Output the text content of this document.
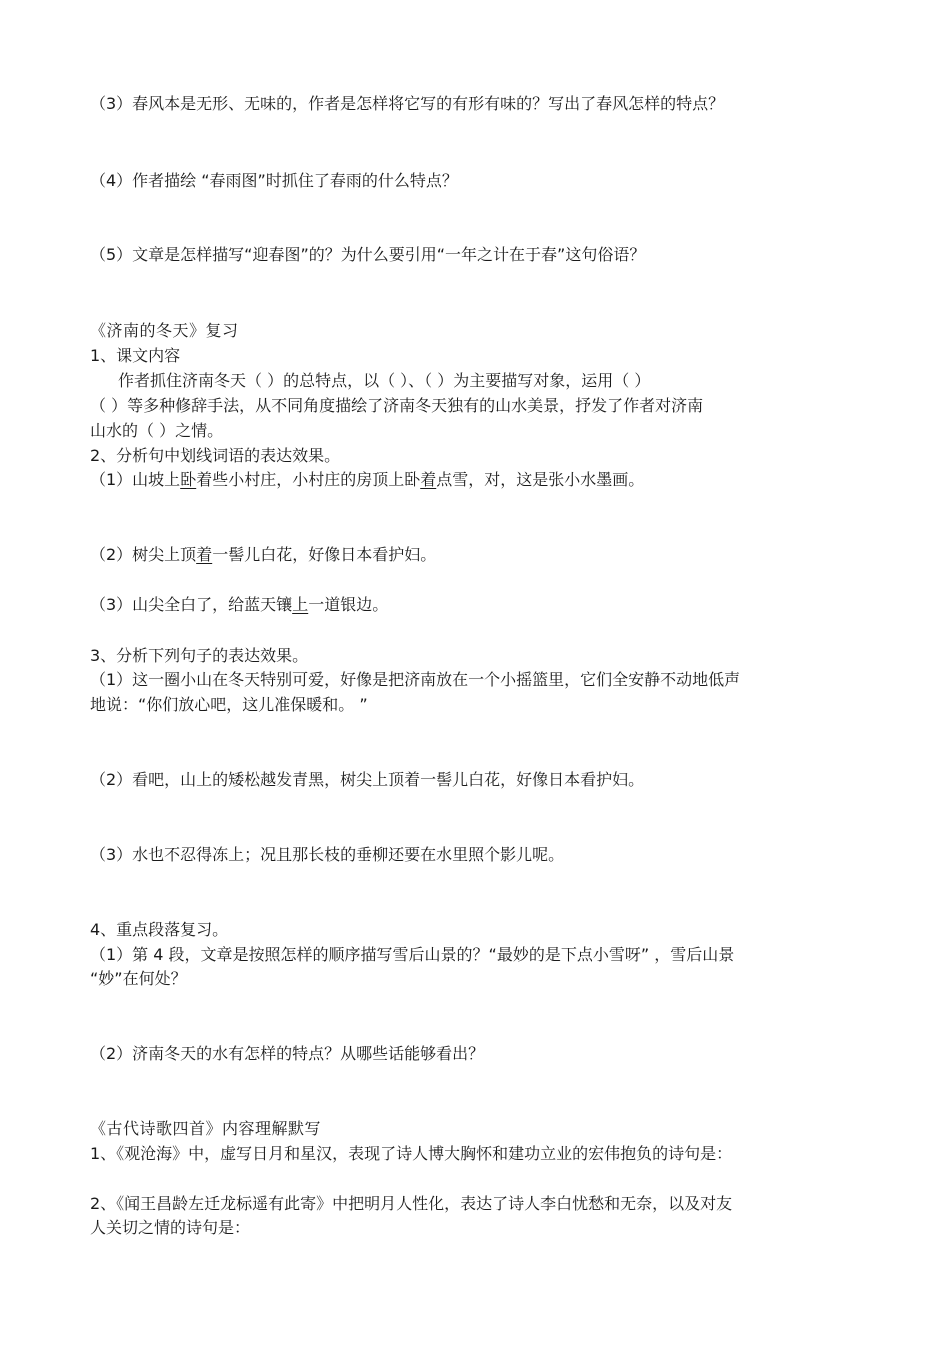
（3）春风本是无形、无味的，作者是怎样将它写的有形有味的？写出了春风怎样的特点？

（4）作者描绘 “春雨图”时抓住了春雨的什么特点？

（5）文章是怎样描写“迎春图”的？为什么要引用“一年之计在于春”这句俗语？

《济南的冬天》复习

1、课文内容

作者抓住济南冬天（ ）的总特点，以（ ）、（ ）为主要描写对象，运用（ ）

（ ）等多种修辞手法，从不同角度描绘了济南冬天独有的山水美景，抒发了作者对济南

山水的（ ）之情。

2、分析句中划线词语的表达效果。

（1）山坡上卧着些小村庄，小村庄的房顶上卧着点雪，对，这是张小水墨画。

（2）树尖上顶着一髻儿白花，好像日本看护妇。

（3）山尖全白了，给蓝天镶上一道银边。

3、分析下列句子的表达效果。

（1）这一圈小山在冬天特别可爱，好像是把济南放在一个小摇篮里，它们全安静不动地低声

地说：“你们放心吧，这儿准保暖和。 ”

（2）看吧，山上的矮松越发青黑，树尖上顶着一髻儿白花，好像日本看护妇。

（3）水也不忍得冻上；况且那长枝的垂柳还要在水里照个影儿呢。

4、重点段落复习。

（1）第 4 段，文章是按照怎样的顺序描写雪后山景的？“最妙的是下点小雪呀” ，雪后山景

“妙”在何处？

（2）济南冬天的水有怎样的特点？从哪些话能够看出？

《古代诗歌四首》内容理解默写

1、《观沧海》中，虚写日月和星汉，表现了诗人博大胸怀和建功立业的宏伟抱负的诗句是：

2、《闻王昌龄左迁龙标遥有此寄》中把明月人性化，表达了诗人李白忧愁和无奈，以及对友

人关切之情的诗句是：
